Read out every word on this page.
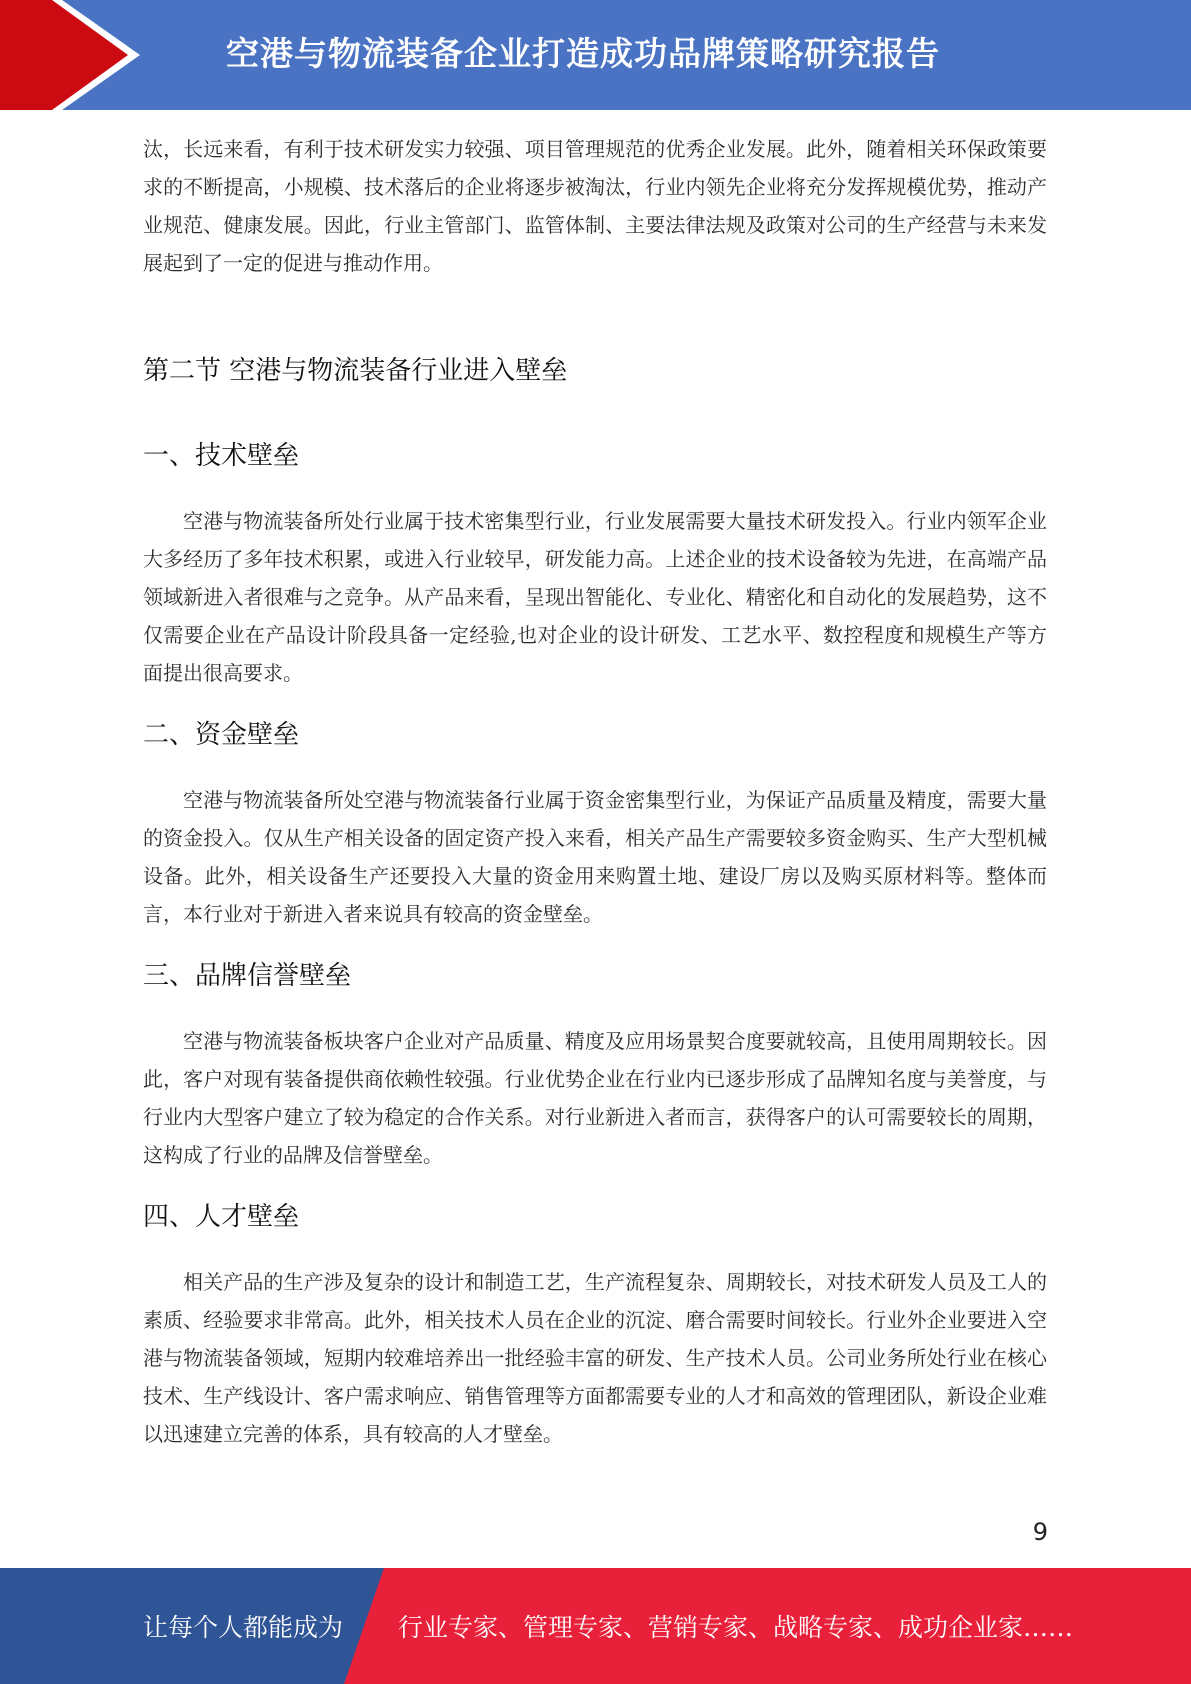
空港与物流装备企业打造成功品牌策略研究报告

汰，长远来看，有利于技术研发实力较强、项目管理规范的优秀企业发展。此外，随着相关环保政策要求的不断提高，小规模、技术落后的企业将逐步被淘汰，行业内领先企业将充分发挥规模优势，推动产业规范、健康发展。因此，行业主管部门、监管体制、主要法律法规及政策对公司的生产经营与未来发展起到了一定的促进与推动作用。

第二节 空港与物流装备行业进入壁垒
一、技术壁垒

空港与物流装备所处行业属于技术密集型行业，行业发展需要大量技术研发投入。行业内领军企业大多经历了多年技术积累，或进入行业较早，研发能力高。上述企业的技术设备较为先进，在高端产品领域新进入者很难与之竞争。从产品来看，呈现出智能化、专业化、精密化和自动化的发展趋势，这不仅需要企业在产品设计阶段具备一定经验,也对企业的设计研发、工艺水平、数控程度和规模生产等方面提出很高要求。

二、资金壁垒

空港与物流装备所处空港与物流装备行业属于资金密集型行业，为保证产品质量及精度，需要大量的资金投入。仅从生产相关设备的固定资产投入来看，相关产品生产需要较多资金购买、生产大型机械设备。此外，相关设备生产还要投入大量的资金用来购置土地、建设厂房以及购买原材料等。整体而言，本行业对于新进入者来说具有较高的资金壁垒。

三、品牌信誉壁垒

空港与物流装备板块客户企业对产品质量、精度及应用场景契合度要就较高，且使用周期较长。因此，客户对现有装备提供商依赖性较强。行业优势企业在行业内已逐步形成了品牌知名度与美誉度，与行业内大型客户建立了较为稳定的合作关系。对行业新进入者而言，获得客户的认可需要较长的周期，这构成了行业的品牌及信誉壁垒。

四、人才壁垒

相关产品的生产涉及复杂的设计和制造工艺，生产流程复杂、周期较长，对技术研发人员及工人的素质、经验要求非常高。此外，相关技术人员在企业的沉淀、磨合需要时间较长。行业外企业要进入空港与物流装备领域，短期内较难培养出一批经验丰富的研发、生产技术人员。公司业务所处行业在核心技术、生产线设计、客户需求响应、销售管理等方面都需要专业的人才和高效的管理团队，新设企业难以迅速建立完善的体系，具有较高的人才壁垒。

9
让每个人都能成为 行业专家、管理专家、营销专家、战略专家、成功企业家……
